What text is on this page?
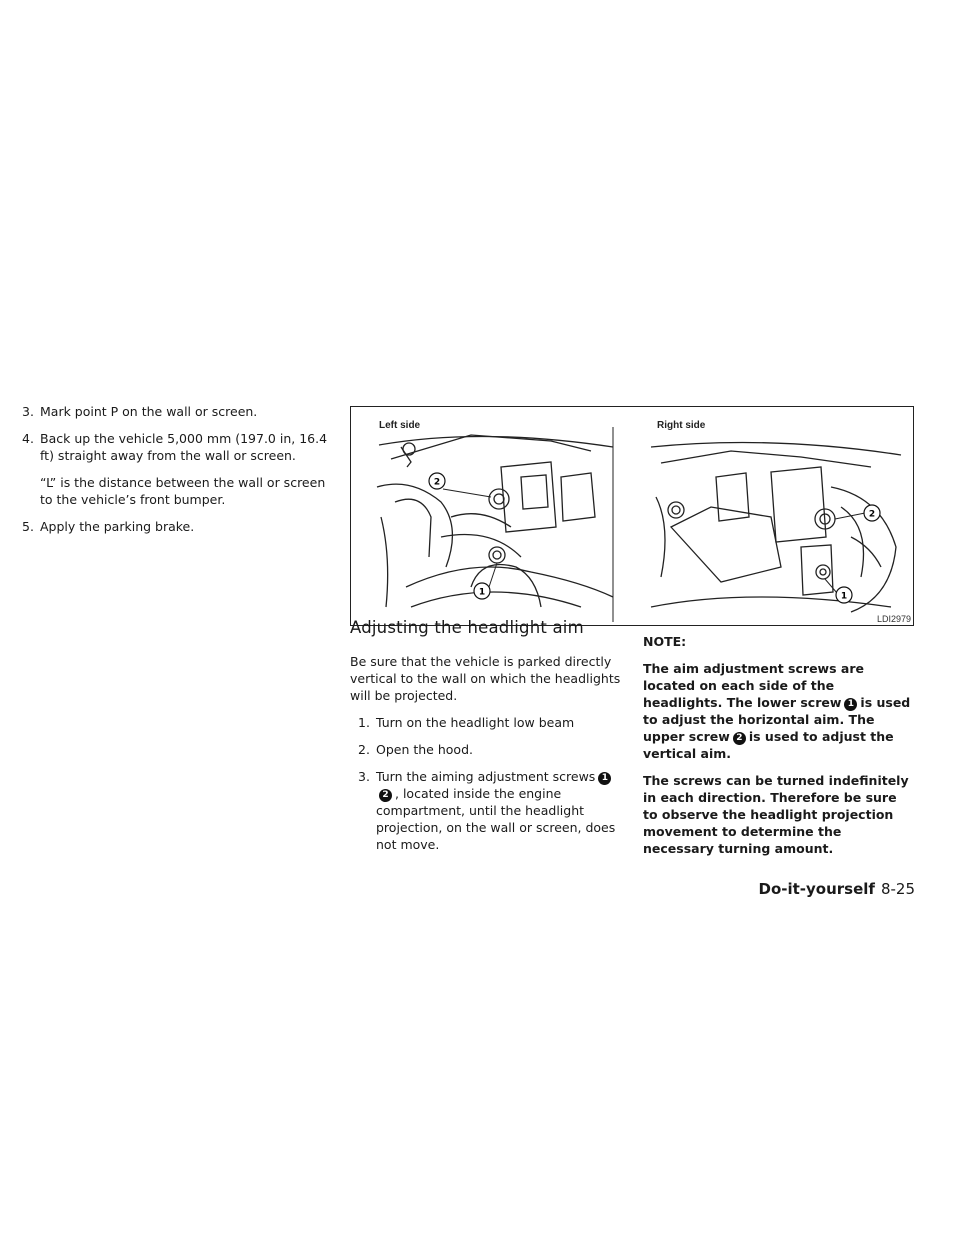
3. Mark point P on the wall or screen.
4. Back up the vehicle 5,000 mm (197.0 in, 16.4 ft) straight away from the wall or screen.
“L” is the distance between the wall or screen to the vehicle’s front bumper.
5. Apply the parking brake.
2
1
2
1
Left side	Right side
LDI2979
Adjusting the headlight aim

Be sure that the vehicle is parked directly vertical to the wall on which the headlights will be projected.

1. Turn on the headlight low beam
2. Open the hood.
3. Turn the aiming adjustment screws 12 , located inside the engine compartment, until the headlight projection, on the wall or screen, does not move.

NOTE:

The aim adjustment screws are located on each side of the headlights. The lower screw 1 is used to adjust the horizontal aim. The upper screw 2 is used to adjust the vertical aim.

The screws can be turned indefinitely in each direction. Therefore be sure to observe the headlight projection movement to determine the necessary turning amount.

Do-it-yourself 8-25
